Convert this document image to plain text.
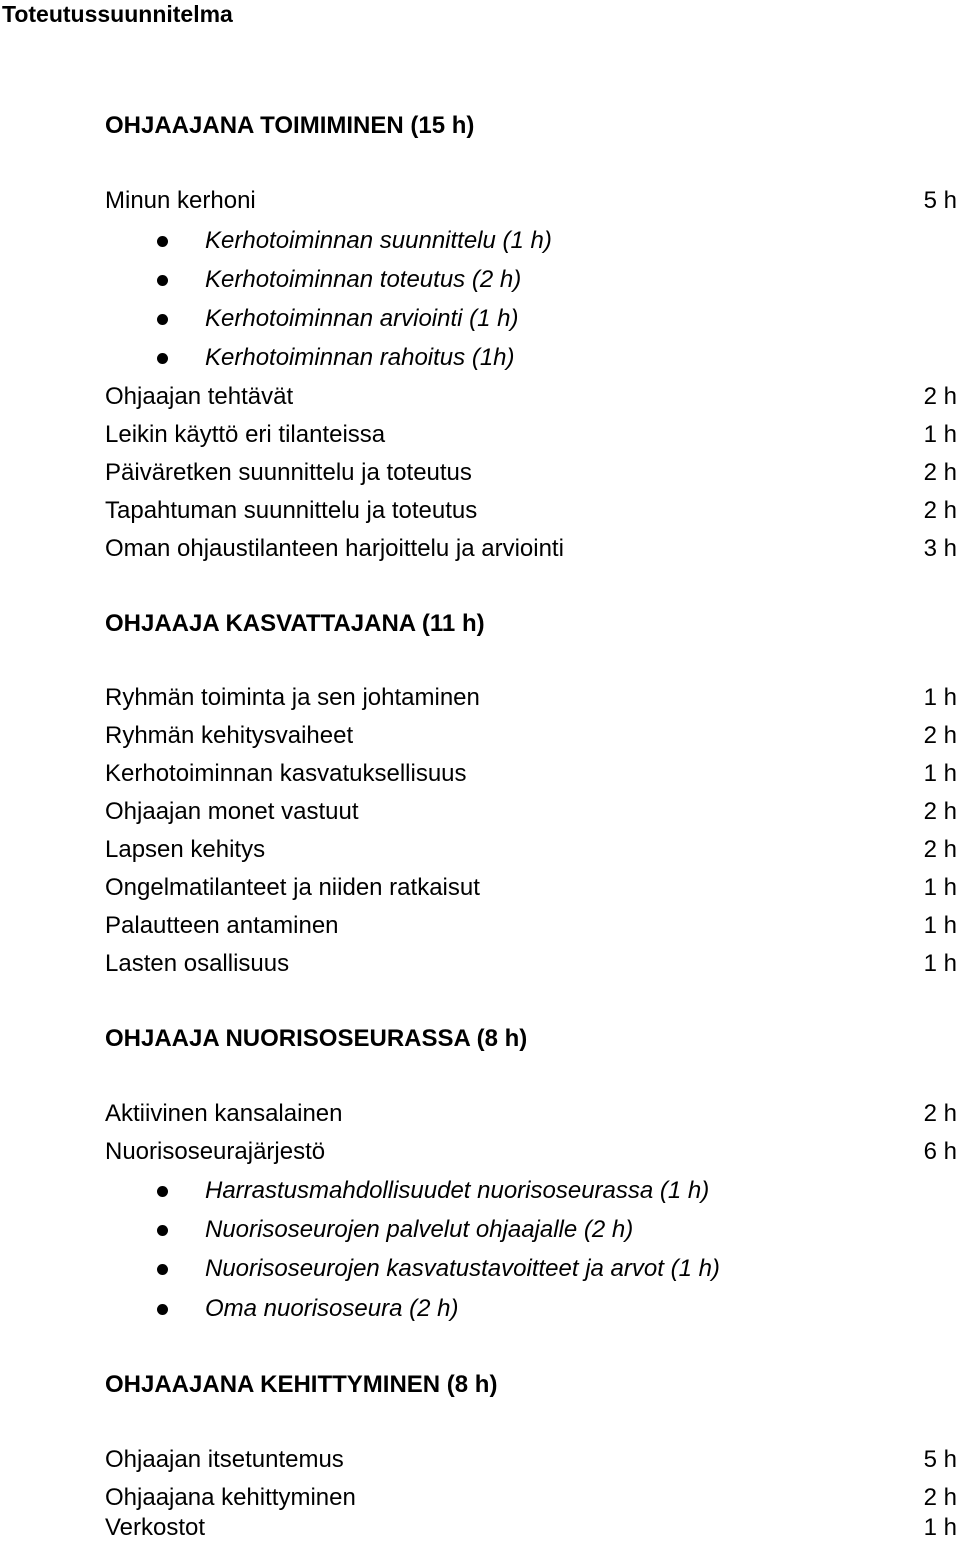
Toteutussuunnitelma
OHJAAJANA TOIMIMINEN (15 h)
Minun kerhoni	5 h
Kerhotoiminnan suunnittelu (1 h)
Kerhotoiminnan toteutus (2 h)
Kerhotoiminnan arviointi (1 h)
Kerhotoiminnan rahoitus (1h)
Ohjaajan tehtävät	2 h
Leikin käyttö eri tilanteissa	1 h
Päiväretken suunnittelu ja toteutus	2 h
Tapahtuman suunnittelu ja toteutus	2 h
Oman ohjaustilanteen harjoittelu ja arviointi	3 h
OHJAAJA KASVATTAJANA (11 h)
Ryhmän toiminta ja sen johtaminen	1 h
Ryhmän kehitysvaiheet	2 h
Kerhotoiminnan kasvatuksellisuus	1 h
Ohjaajan monet vastuut	2 h
Lapsen kehitys	2 h
Ongelmatilanteet ja niiden ratkaisut	1 h
Palautteen antaminen	1 h
Lasten osallisuus	1 h
OHJAAJA NUORISOSEURASSA (8 h)
Aktiivinen kansalainen	2 h
Nuorisoseurajärjestö	6 h
Harrastusmahdollisuudet nuorisoseurassa (1 h)
Nuorisoseurojen palvelut ohjaajalle (2 h)
Nuorisoseurojen kasvatustavoitteet ja arvot (1 h)
Oma nuorisoseura (2 h)
OHJAAJANA KEHITTYMINEN (8 h)
Ohjaajan itsetuntemus	5 h
Ohjaajana kehittyminen	2 h
Verkostot	1 h
